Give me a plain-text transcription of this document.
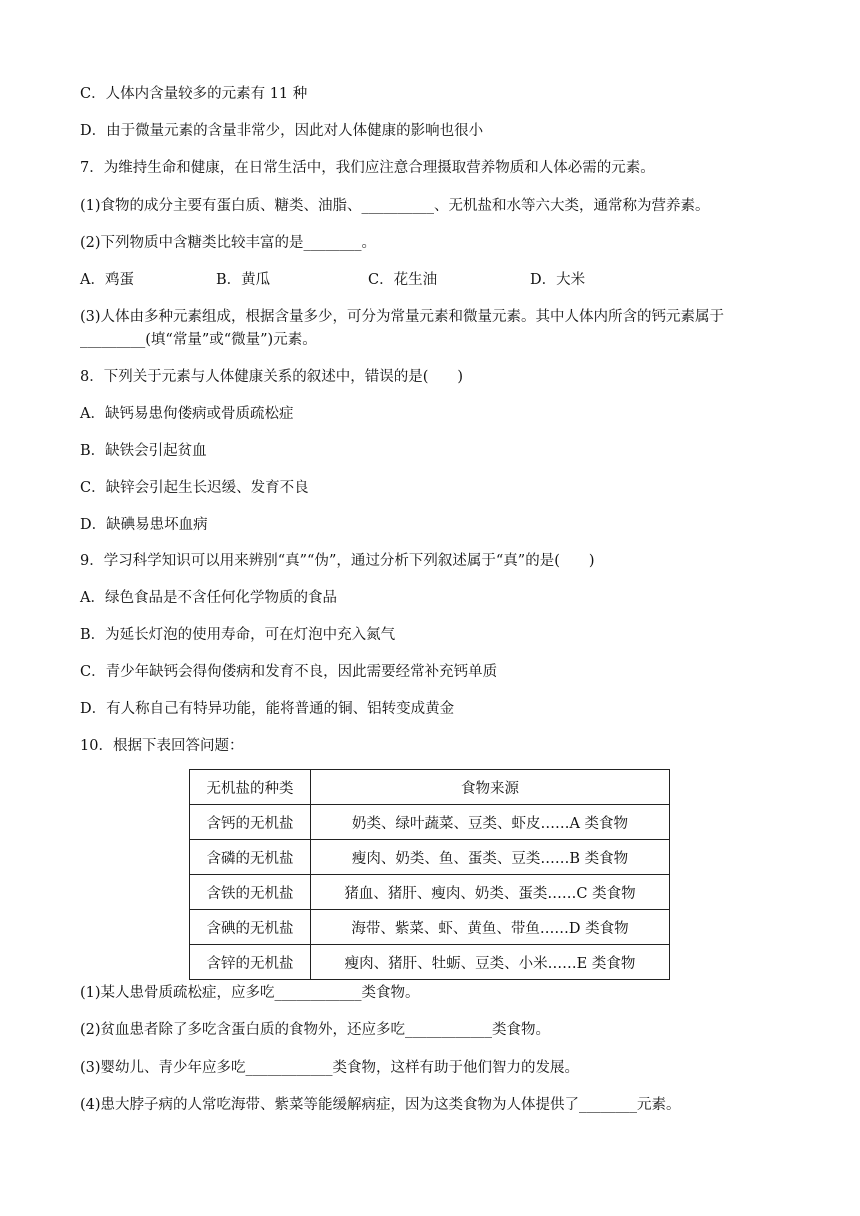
C．人体内含量较多的元素有 11 种
D．由于微量元素的含量非常少，因此对人体健康的影响也很小
7．为维持生命和健康，在日常生活中，我们应注意合理摄取营养物质和人体必需的元素。
(1)食物的成分主要有蛋白质、糖类、油脂、__________、无机盐和水等六大类，通常称为营养素。
(2)下列物质中含糖类比较丰富的是________。
A．鸡蛋	B．黄瓜	C．花生油	D．大米
(3)人体由多种元素组成，根据含量多少，可分为常量元素和微量元素。其中人体内所含的钙元素属于
_________(填“常量”或“微量”)元素。
8．下列关于元素与人体健康关系的叙述中，错误的是(　　)
A．缺钙易患佝偻病或骨质疏松症
B．缺铁会引起贫血
C．缺锌会引起生长迟缓、发育不良
D．缺碘易患坏血病
9．学习科学知识可以用来辨别“真”“伪”，通过分析下列叙述属于“真”的是(　　)
A．绿色食品是不含任何化学物质的食品
B．为延长灯泡的使用寿命，可在灯泡中充入氮气
C．青少年缺钙会得佝偻病和发育不良，因此需要经常补充钙单质
D．有人称自己有特异功能，能将普通的铜、铝转变成黄金
10．根据下表回答问题：
无机盐的种类	食物来源
含钙的无机盐	奶类、绿叶蔬菜、豆类、虾皮……A 类食物
含磷的无机盐	瘦肉、奶类、鱼、蛋类、豆类……B 类食物
含铁的无机盐	猪血、猪肝、瘦肉、奶类、蛋类……C 类食物
含碘的无机盐	海带、紫菜、虾、黄鱼、带鱼……D 类食物
含锌的无机盐	瘦肉、猪肝、牡蛎、豆类、小米……E 类食物
(1)某人患骨质疏松症，应多吃____________类食物。
(2)贫血患者除了多吃含蛋白质的食物外，还应多吃____________类食物。
(3)婴幼儿、青少年应多吃____________类食物，这样有助于他们智力的发展。
(4)患大脖子病的人常吃海带、紫菜等能缓解病症，因为这类食物为人体提供了________元素。
